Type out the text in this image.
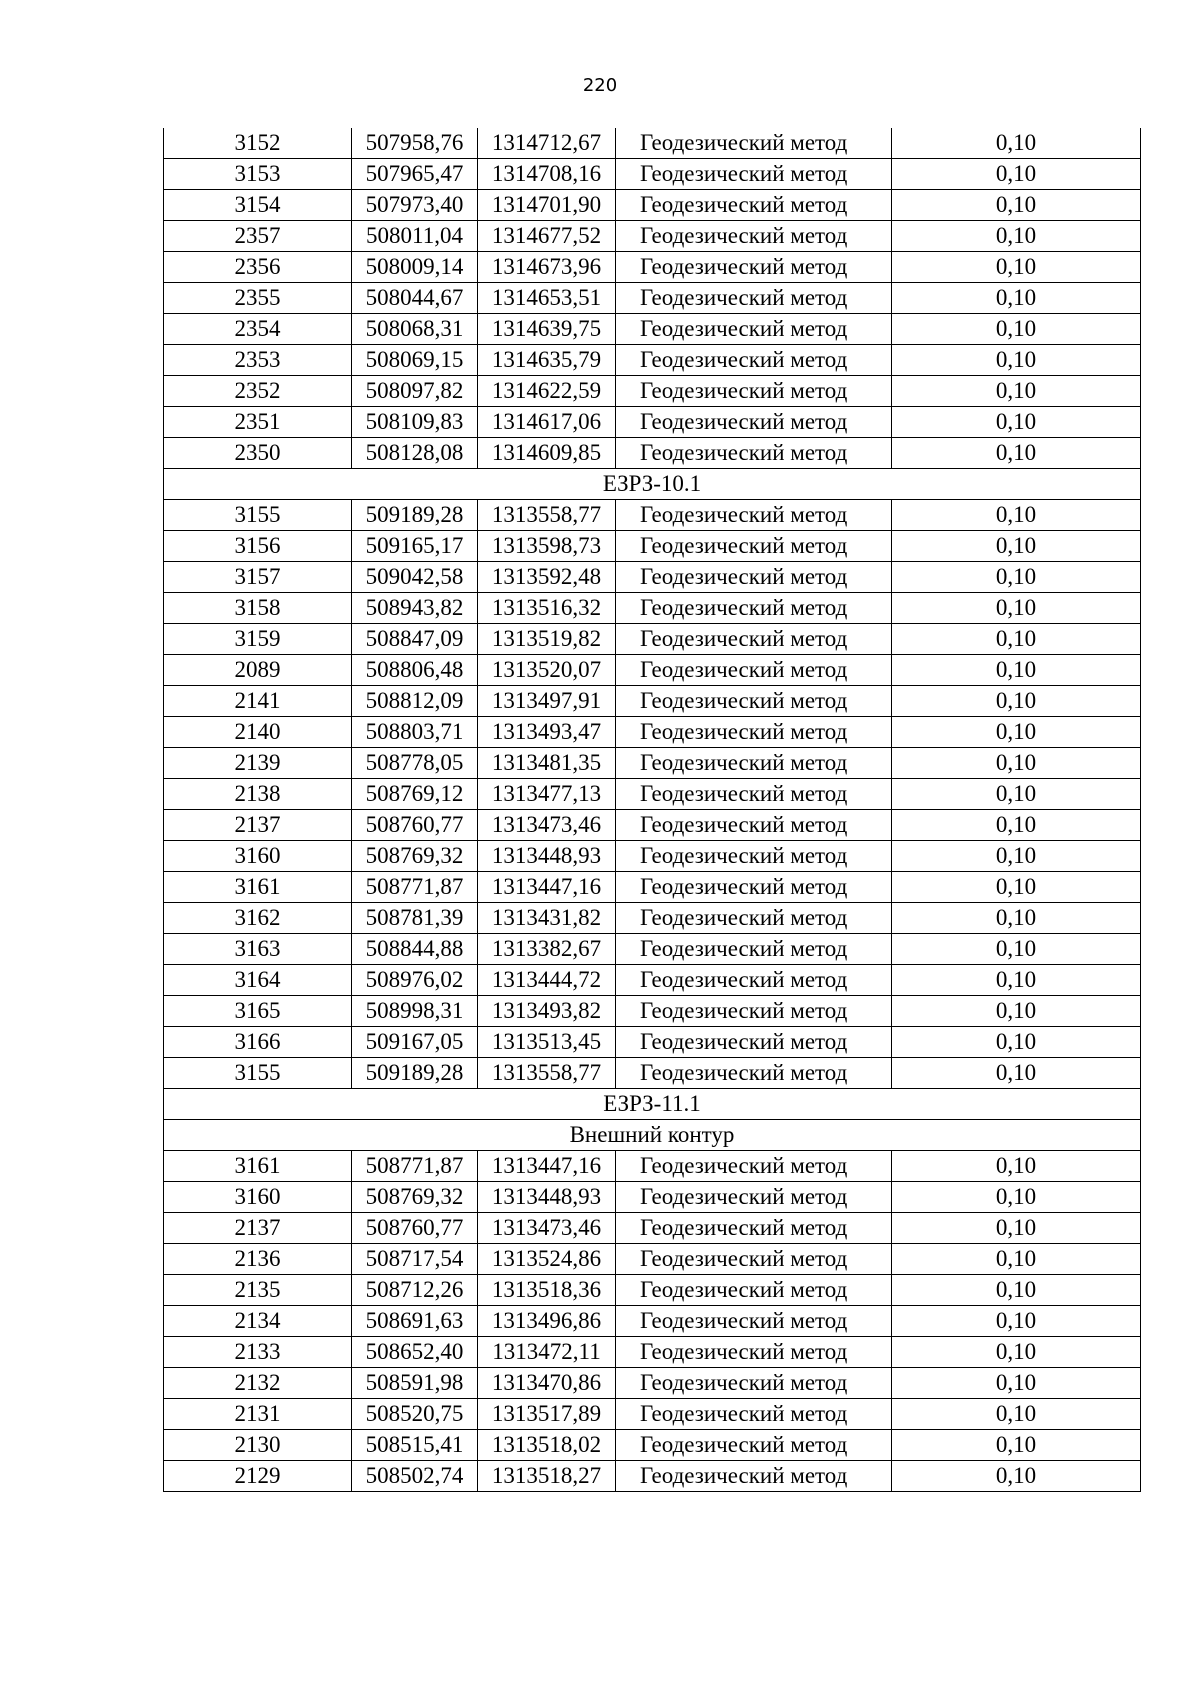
220
3152	507958,76	1314712,67	Геодезический метод	0,10
3153	507965,47	1314708,16	Геодезический метод	0,10
3154	507973,40	1314701,90	Геодезический метод	0,10
2357	508011,04	1314677,52	Геодезический метод	0,10
2356	508009,14	1314673,96	Геодезический метод	0,10
2355	508044,67	1314653,51	Геодезический метод	0,10
2354	508068,31	1314639,75	Геодезический метод	0,10
2353	508069,15	1314635,79	Геодезический метод	0,10
2352	508097,82	1314622,59	Геодезический метод	0,10
2351	508109,83	1314617,06	Геодезический метод	0,10
2350	508128,08	1314609,85	Геодезический метод	0,10
ЕЗРЗ-10.1				
3155	509189,28	1313558,77	Геодезический метод	0,10
3156	509165,17	1313598,73	Геодезический метод	0,10
3157	509042,58	1313592,48	Геодезический метод	0,10
3158	508943,82	1313516,32	Геодезический метод	0,10
3159	508847,09	1313519,82	Геодезический метод	0,10
2089	508806,48	1313520,07	Геодезический метод	0,10
2141	508812,09	1313497,91	Геодезический метод	0,10
2140	508803,71	1313493,47	Геодезический метод	0,10
2139	508778,05	1313481,35	Геодезический метод	0,10
2138	508769,12	1313477,13	Геодезический метод	0,10
2137	508760,77	1313473,46	Геодезический метод	0,10
3160	508769,32	1313448,93	Геодезический метод	0,10
3161	508771,87	1313447,16	Геодезический метод	0,10
3162	508781,39	1313431,82	Геодезический метод	0,10
3163	508844,88	1313382,67	Геодезический метод	0,10
3164	508976,02	1313444,72	Геодезический метод	0,10
3165	508998,31	1313493,82	Геодезический метод	0,10
3166	509167,05	1313513,45	Геодезический метод	0,10
3155	509189,28	1313558,77	Геодезический метод	0,10
ЕЗРЗ-11.1				
Внешний контур				
3161	508771,87	1313447,16	Геодезический метод	0,10
3160	508769,32	1313448,93	Геодезический метод	0,10
2137	508760,77	1313473,46	Геодезический метод	0,10
2136	508717,54	1313524,86	Геодезический метод	0,10
2135	508712,26	1313518,36	Геодезический метод	0,10
2134	508691,63	1313496,86	Геодезический метод	0,10
2133	508652,40	1313472,11	Геодезический метод	0,10
2132	508591,98	1313470,86	Геодезический метод	0,10
2131	508520,75	1313517,89	Геодезический метод	0,10
2130	508515,41	1313518,02	Геодезический метод	0,10
2129	508502,74	1313518,27	Геодезический метод	0,10
